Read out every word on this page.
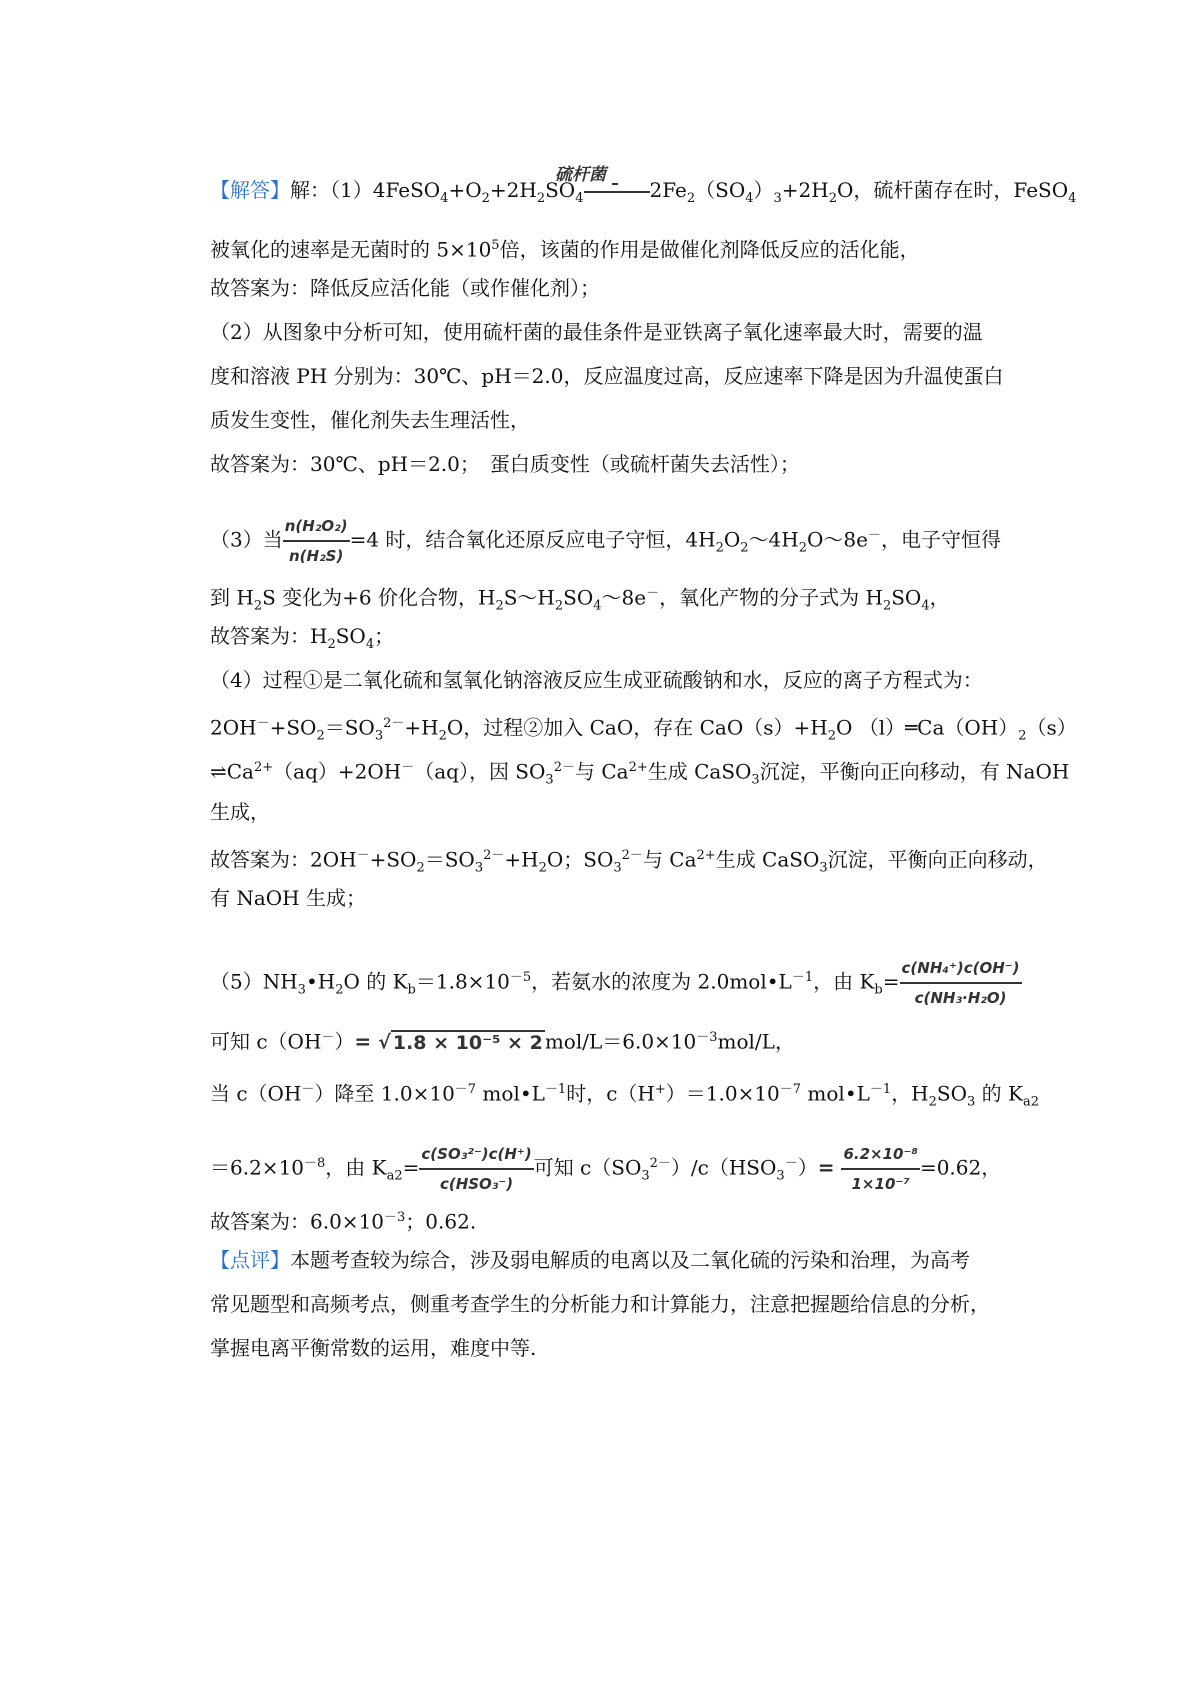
硫杆菌
【解答】解：$(1)4FeSO_4+O_2+2H_2SO_4$	$2Fe_2(SO_4)_3+2H_2O$，硫杆菌存在时，FeSO$_4$
被氧化的速率是无菌时的 $5\times 10^5$倍，该菌的作用是做催化剂降低反应的活化能，
故答案为：降低反应活化能（或作催化剂）；
（2）从图象中分析可知，使用硫杆菌的最佳条件是亚铁离子氧化速率最大时，需要的温
度和溶液 PH 分别为：30℃、pH＝2.0，反应温度过高，反应速率下降是因为升温使蛋白
质发生变性，催化剂失去生理活性，
故答案为：30℃、pH＝2.0；　蛋白质变性（或硫杆菌失去活性）；
（3）当 $\frac{\text{n(H₂O₂)}}{\text{n(H₂S)}} =4$ 时，结合氧化还原反应电子守恒，$4H_2O_2\sim 4H_2O\sim 8e^-$，电子守恒得
到 $H_2S$ 变化为+6 价化合物，$H_2S\sim H_2SO_4\sim 8e^-$，氧化产物的分子式为 $H_2SO_4$，
故答案为：$H_2SO_4$；
（4）过程①是二氧化硫和氢氧化钠溶液反应生成亚硫酸钠和水，反应的离子方程式为：
$2OH^-+SO_2=SO_3^{2-}+H_2O$，过程②加入 CaO，存在 $CaO(s)+H_2O$ $(l)═Ca(OH)_2(s)$
$\rightleftharpoons Ca^{2+}(aq)+2OH^-(aq)$，因 $SO_3^{2-}$与 $Ca^{2+}$生成 CaSO$_3$沉淀，平衡向正向移动，有 NaOH
生成，
故答案为：$2OH^-+SO_2=SO_3^{2-}+H_2O$；$SO_3^{2-}$与 $Ca^{2+}$生成 CaSO$_3$沉淀，平衡向正向移动，
有 NaOH 生成；
$(5)NH_3•H_2O$ 的 $K_b=1.8\times 10^{-5}$，若氨水的浓度为 $2.0mol•L^{-1}$，由 $K_b= \frac{\text{c(NH₄⁺)c(OH⁻)}}{\text{c(NH₃·H₂O)}}$
可知 c（OH－）= √ 1.8 × 10⁻⁵ × 2 mol/$L=6.0\times 10^{-3}mol/L$，
当 c（OH－）降至 $1.0\times 10^{-7}$ $mol•L^{-1}$时，$c(H^+)=1.0\times 10^{-7}$ $mol•L^{-1}$，$H_2SO_3$ 的 $K_{a2}$
$=6.2\times 10^{-8}$，由 $K_{a2}= \frac{\text{c(SO₃²⁻)c(H⁺)}}{\text{c(HSO₃⁻)}}$ 可知 $c(SO_3^{2-})/c(HSO_3^-)= \frac{\text{6.2×10⁻⁸}}{\text{1×10⁻⁷}} =0.62$，
故答案为：$6.0\times 10^{-3}$；0.62.
【点评】本题考查较为综合，涉及弱电解质的电离以及二氧化硫的污染和治理，为高考
常见题型和高频考点，侧重考查学生的分析能力和计算能力，注意把握题给信息的分析，
掌握电离平衡常数的运用，难度中等.
